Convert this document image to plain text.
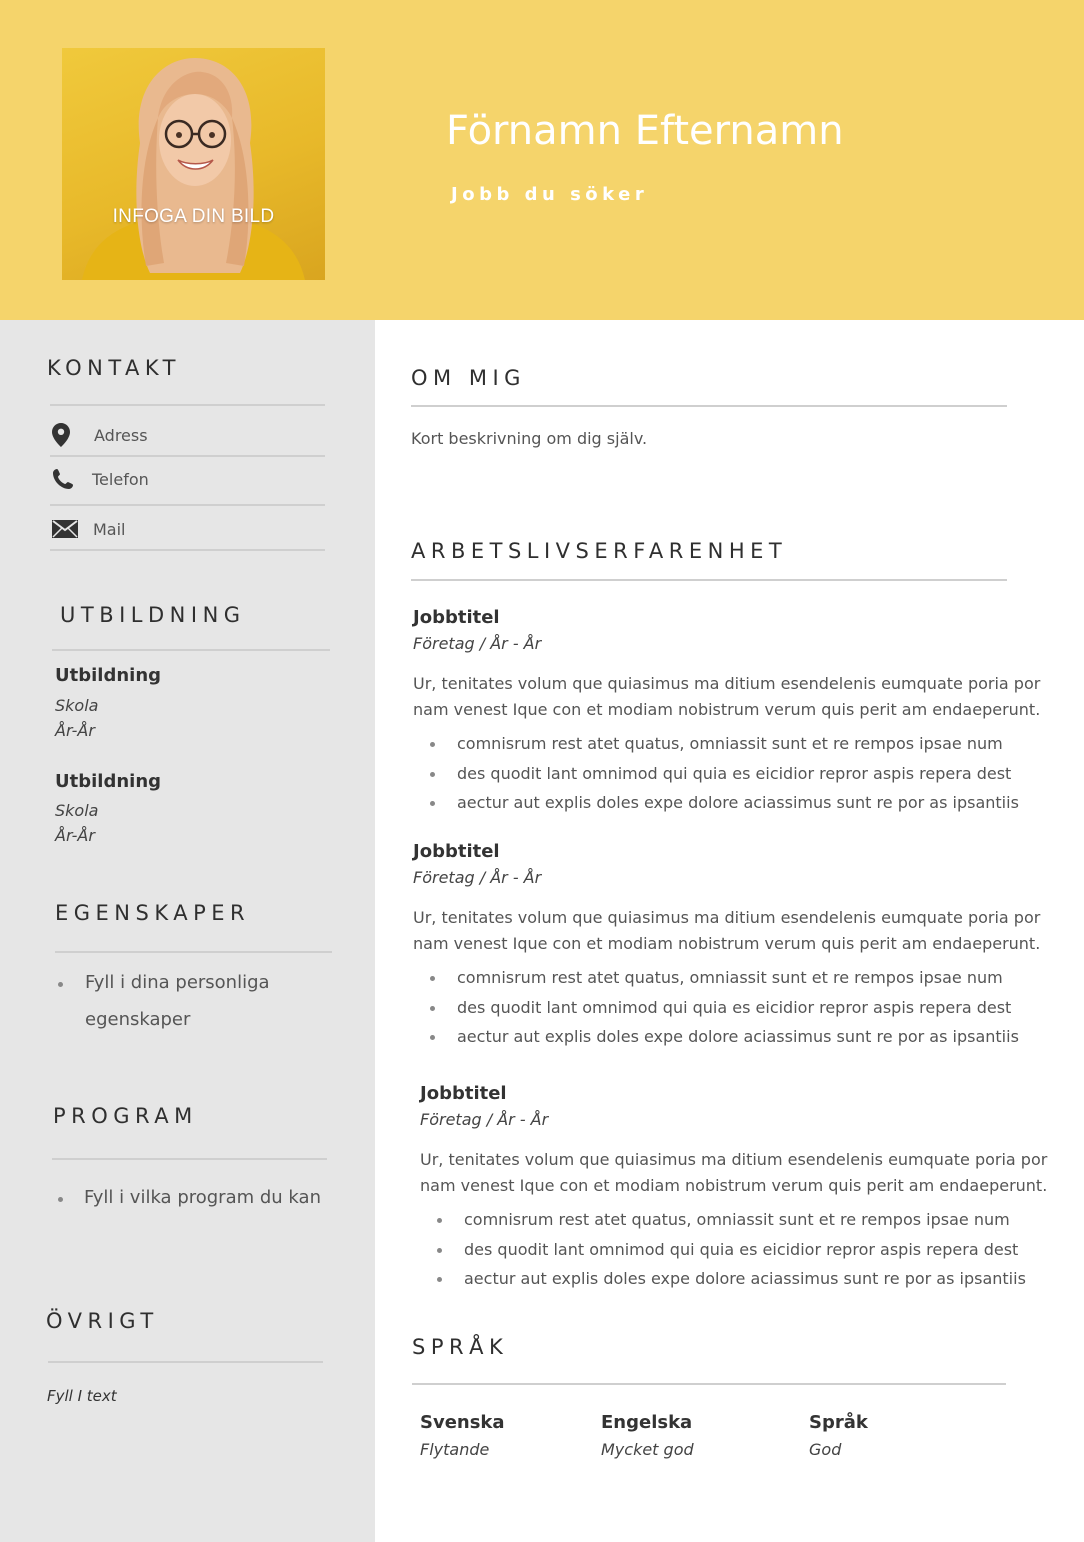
INFOGA DIN BILD
Förnamn Efternamn
Jobb du söker
KONTAKT
Adress
Telefon
Mail
UTBILDNING
Utbildning
Skola
År-År
Utbildning
Skola
År-År
EGENSKAPER
Fyll i dina personliga egenskaper
PROGRAM
Fyll i vilka program du kan
ÖVRIGT
Fyll I text
OM MIG
Kort beskrivning om dig själv.
ARBETSLIVSERFARENHET
Jobbtitel
Företag / År - År
Ur, tenitates volum que quiasimus ma ditium esendelenis eumquate poria por nam venest Ique con et modiam nobistrum verum quis perit am endaeperunt.
comnisrum rest atet quatus, omniassit sunt et re rempos ipsae num
des quodit lant omnimod qui quia es eicidior repror aspis repera dest
aectur aut explis doles expe dolore aciassimus sunt re por as ipsantiis
Jobbtitel
Företag / År - År
Ur, tenitates volum que quiasimus ma ditium esendelenis eumquate poria por nam venest Ique con et modiam nobistrum verum quis perit am endaeperunt.
comnisrum rest atet quatus, omniassit sunt et re rempos ipsae num
des quodit lant omnimod qui quia es eicidior repror aspis repera dest
aectur aut explis doles expe dolore aciassimus sunt re por as ipsantiis
Jobbtitel
Företag / År - År
Ur, tenitates volum que quiasimus ma ditium esendelenis eumquate poria por nam venest Ique con et modiam nobistrum verum quis perit am endaeperunt.
comnisrum rest atet quatus, omniassit sunt et re rempos ipsae num
des quodit lant omnimod qui quia es eicidior repror aspis repera dest
aectur aut explis doles expe dolore aciassimus sunt re por as ipsantiis
SPRÅK
Svenska
Flytande
Engelska
Mycket god
Språk
God
